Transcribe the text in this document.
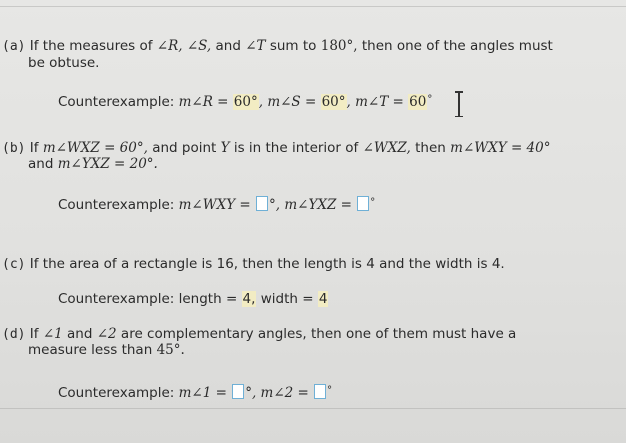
(a) If the measures of ∠R, ∠S, and ∠T sum to 180°, then one of the angles must
be obtuse.
Counterexample: m∠R = 60°, m∠S = 60°, m∠T = 60°
(b) If m∠WXZ = 60°, and point Y is in the interior of ∠WXZ, then m∠WXY = 40°
and m∠YXZ = 20°.
Counterexample: m∠WXY = °, m∠YXZ = °
(c) If the area of a rectangle is 16, then the length is 4 and the width is 4.
Counterexample: length = 4, width = 4
(d) If ∠1 and ∠2 are complementary angles, then one of them must have a
measure less than 45°.
Counterexample: m∠1 = °, m∠2 = °
